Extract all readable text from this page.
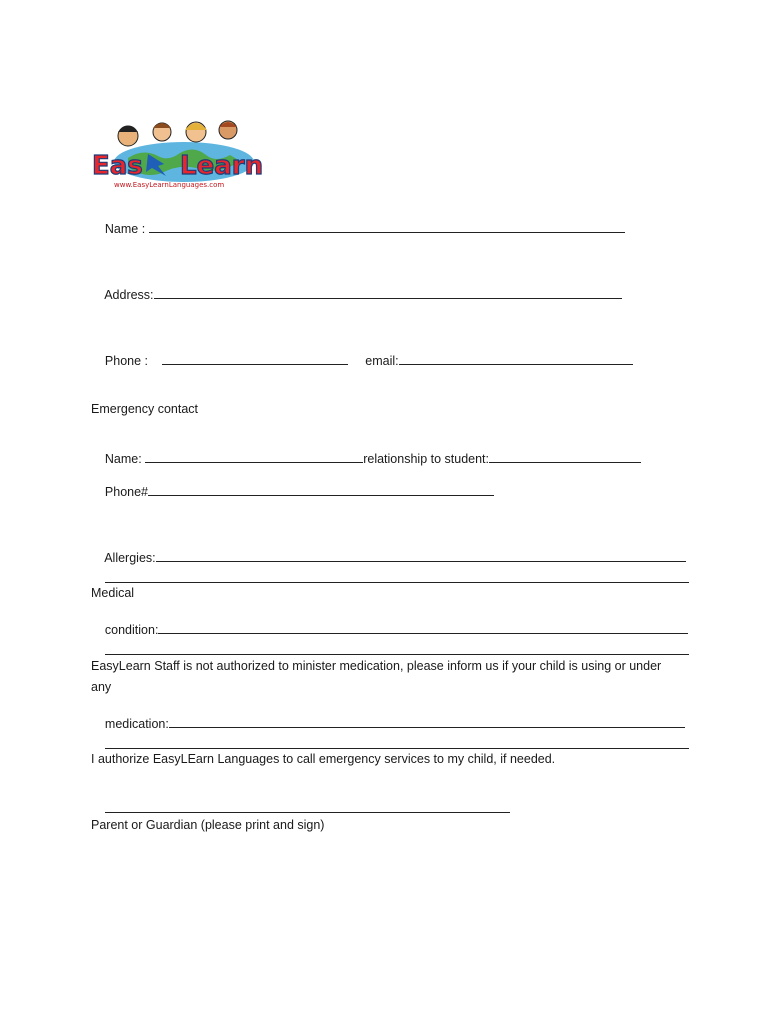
Eas Learn
www.EasyLearnLanguages.com

Name :

Address:

Phone :	email:

Emergency contact

Name:	relationship to student:

Phone#

Allergies:

Medical

condition:

EasyLearn Staff is not authorized to minister medication, please inform us if your child is using or under
any

medication:

I authorize EasyLEarn Languages to call emergency services to my child, if needed.

Parent or Guardian (please print and sign)
